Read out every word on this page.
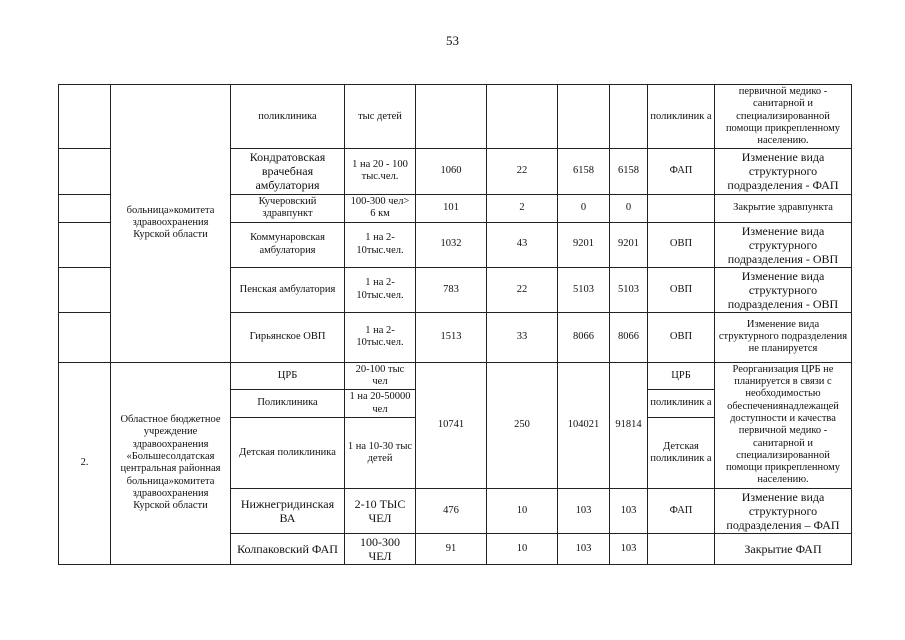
53
	больница»комитета здравоохранения Курской области	поликлиника	тыс детей					поликлиник а	первичной медико - санитарной и специализированной помощи прикрепленному населению.
		Кондратовская врачебная амбулатория	1 на 20 - 100 тыс.чел.	1060	22	6158	6158	ФАП	Изменение вида структурного подразделения - ФАП
		Кучеровский здравпункт	100-300 чел> 6 км	101	2	0	0		Закрытие здравпункта
		Коммунаровская амбулатория	1 на 2- 10тыс.чел.	1032	43	9201	9201	ОВП	Изменение вида структурного подразделения - ОВП
		Пенская амбулатория	1 на 2- 10тыс.чел.	783	22	5103	5103	ОВП	Изменение вида структурного подразделения - ОВП
		Гирьянское ОВП	1 на 2- 10тыс.чел.	1513	33	8066	8066	ОВП	Изменение вида структурного подразделения не планируется
2.	Областное бюджетное учреждение здравоохранения «Большесолдатская центральная районная больница»комитета здравоохранения Курской области	ЦРБ	20-100 тыс чел	10741	250	104021	91814	ЦРБ	Реорганизация ЦРБ не планируется в связи с необходимостью обеспечениянадлежащей доступности и качества первичной медико - санитарной и специализированной помощи прикрепленному населению.
		Поликлиника	1 на 20-50000 чел					поликлиник а	
		Детская поликлиника	1 на 10-30 тыс детей					Детская поликлиник а	
		Нижнегридинская ВА	2-10 ТЫС ЧЕЛ	476	10	103	103	ФАП	Изменение вида структурного подразделения – ФАП
		Колпаковский ФАП	100-300 ЧЕЛ	91	10	103	103		Закрытие ФАП
